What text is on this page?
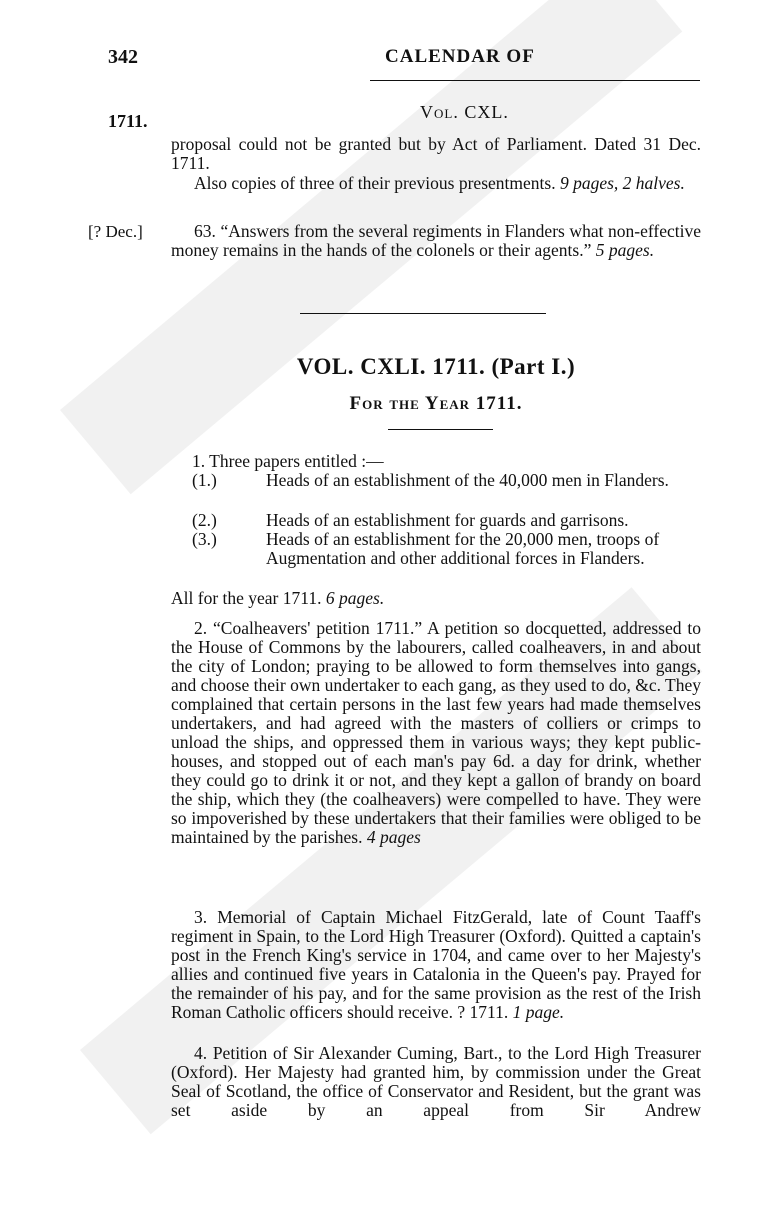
342	CALENDAR OF
1711.	Vol. CXL.
proposal could not be granted but by Act of Parliament. Dated 31 Dec. 1711.
Also copies of three of their previous presentments. 9 pages, 2 halves.
[? Dec.]	63. “Answers from the several regiments in Flanders what non-effective money remains in the hands of the colonels or their agents.” 5 pages.
VOL. CXLI. 1711. (Part I.)
For the Year 1711.
1. Three papers entitled :—
(1.)	Heads of an establishment of the 40,000 men in Flanders.
(2.)	Heads of an establishment for guards and garrisons.
(3.)	Heads of an establishment for the 20,000 men, troops of Augmentation and other additional forces in Flanders.
All for the year 1711. 6 pages.
2. “Coalheavers' petition 1711.” A petition so docquetted, addressed to the House of Commons by the labourers, called coalheavers, in and about the city of London; praying to be allowed to form themselves into gangs, and choose their own undertaker to each gang, as they used to do, &c. They complained that certain persons in the last few years had made themselves undertakers, and had agreed with the masters of colliers or crimps to unload the ships, and oppressed them in various ways; they kept public-houses, and stopped out of each man's pay 6d. a day for drink, whether they could go to drink it or not, and they kept a gallon of brandy on board the ship, which they (the coalheavers) were compelled to have. They were so impoverished by these undertakers that their families were obliged to be maintained by the parishes. 4 pages
3. Memorial of Captain Michael FitzGerald, late of Count Taaff's regiment in Spain, to the Lord High Treasurer (Oxford). Quitted a captain's post in the French King's service in 1704, and came over to her Majesty's allies and continued five years in Catalonia in the Queen's pay. Prayed for the remainder of his pay, and for the same provision as the rest of the Irish Roman Catholic officers should receive. ? 1711. 1 page.
4. Petition of Sir Alexander Cuming, Bart., to the Lord High Treasurer (Oxford). Her Majesty had granted him, by commission under the Great Seal of Scotland, the office of Conservator and Resident, but the grant was set aside by an appeal from Sir Andrew
